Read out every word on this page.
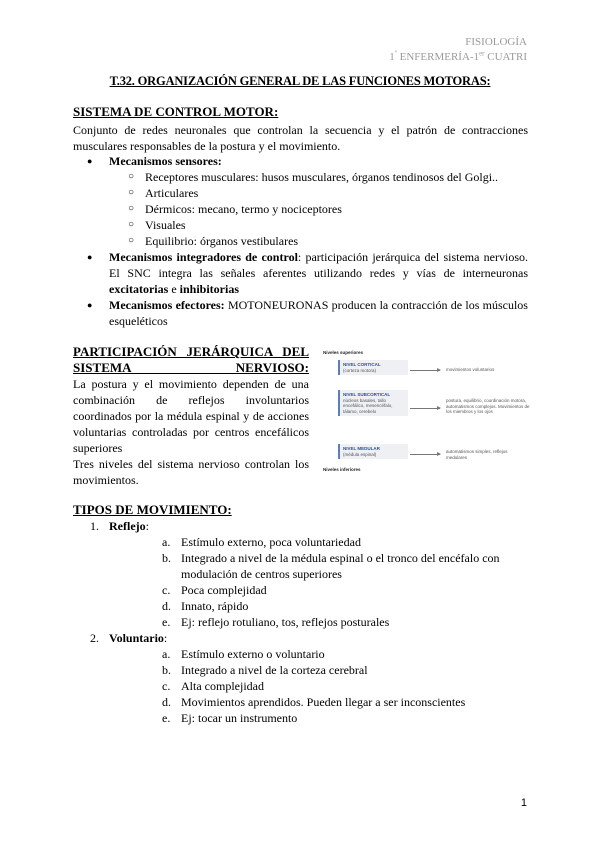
FISIOLOGÍA
$1^º$ ENFERMERÍA-1er CUATRI
T.32. ORGANIZACIÓN GENERAL DE LAS FUNCIONES MOTORAS:
SISTEMA DE CONTROL MOTOR:
Conjunto de redes neuronales que controlan la secuencia y el patrón de contracciones musculares responsables de la postura y el movimiento.
● Mecanismos sensores:
○ Receptores musculares: husos musculares, órganos tendinosos del Golgi..
○ Articulares
○ Dérmicos: mecano, termo y nociceptores
○ Visuales
○ Equilibrio: órganos vestibulares
● Mecanismos integradores de control: participación jerárquica del sistema nervioso. El SNC integra las señales aferentes utilizando redes y vías de interneuronas excitatorias e inhibitorias
● Mecanismos efectores: MOTONEURONAS producen la contracción de los músculos esqueléticos
PARTICIPACIÓN JERÁRQUICA DEL SISTEMA NERVIOSO:
La postura y el movimiento dependen de una combinación de reflejos involuntarios coordinados por la médula espinal y de acciones voluntarias controladas por centros encefálicos superiores
Tres niveles del sistema nervioso controlan los movimientos.
Niveles superiores
NIVEL CORTICAL
(corteza motora)	movimientos voluntarios
NIVEL SUBCORTICAL
núcleos basales, tallo encefálico, mesencéfalo, tálamo, cerebelo
postura, equilibrio, coordinación motora, automatismos complejos. Movimientos de los miembros y los ojos
NIVEL MEDULAR
(médula espinal)	automatismos simples, reflejos medulares
Niveles inferiores
TIPOS DE MOVIMIENTO:
1. Reflejo:
a. Estímulo externo, poca voluntariedad
b. Integrado a nivel de la médula espinal o el tronco del encéfalo con modulación de centros superiores
c. Poca complejidad
d. Innato, rápido
e. Ej: reflejo rotuliano, tos, reflejos posturales
2. Voluntario:
a. Estímulo externo o voluntario
b. Integrado a nivel de la corteza cerebral
c. Alta complejidad
d. Movimientos aprendidos. Pueden llegar a ser inconscientes
e. Ej: tocar un instrumento
1
